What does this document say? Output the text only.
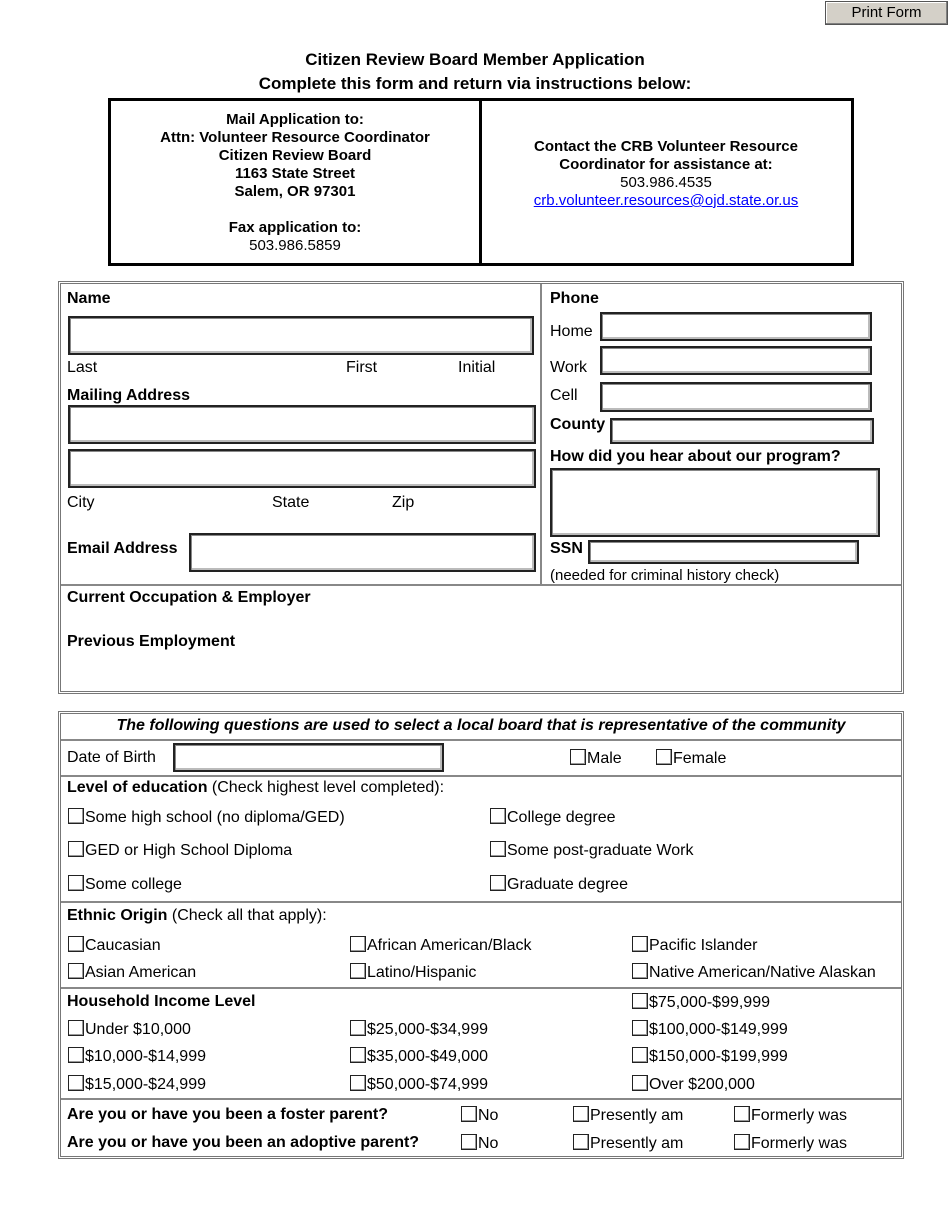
Print Form
Citizen Review Board Member Application
Complete this form and return via instructions below:
Mail Application to:
Attn: Volunteer Resource Coordinator
Citizen Review Board
1163 State Street
Salem, OR 97301
Fax application to:
503.986.5859
Contact the CRB Volunteer Resource
Coordinator for assistance at:
503.986.4535
crb.volunteer.resources@ojd.state.or.us
Name
Last	First	Initial
Mailing Address
City	State	Zip
Email Address
Phone
Home
Work
Cell
County
How did you hear about our program?
SSN
(needed for criminal history check)
Current Occupation & Employer
Previous Employment
The following questions are used to select a local board that is representative of the community
Date of Birth	Male	Female
Level of education (Check highest level completed):
Some high school (no diploma/GED)
GED or High School Diploma
Some college
College degree
Some post-graduate Work
Graduate degree
Ethnic Origin (Check all that apply):
Caucasian
Asian American
African American/Black
Latino/Hispanic
Pacific Islander
Native American/Native Alaskan
Household Income Level
Under $10,000
$10,000-$14,999
$15,000-$24,999
$25,000-$34,999
$35,000-$49,000
$50,000-$74,999
$75,000-$99,999
$100,000-$149,999
$150,000-$199,999
Over $200,000
Are you or have you been a foster parent?	No	Presently am	Formerly was
Are you or have you been an adoptive parent?	No	Presently am	Formerly was
